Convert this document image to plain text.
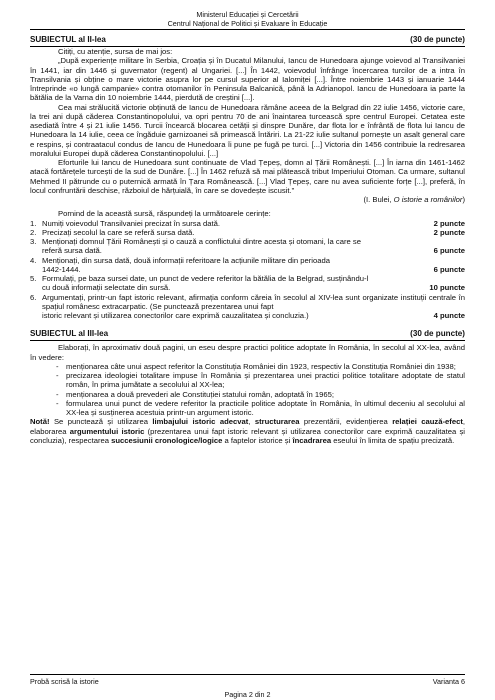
Ministerul Educației și Cercetării
Centrul Național de Politici și Evaluare în Educație
SUBIECTUL al II-lea	(30 de puncte)

Citiți, cu atenție, sursa de mai jos:

„După experiențe militare în Serbia, Croația și în Ducatul Milanului, Iancu de Hunedoara ajunge voievod al Transilvaniei în 1441, iar din 1446 și guvernator (regent) al Ungariei. [...] În 1442, voievodul înfrânge încercarea turcilor de a intra în Transilvania și obține o mare victorie asupra lor pe cursul superior al Ialomiței [...]. Între noiembrie 1443 și ianuarie 1444 întreprinde «o lungă campanie» contra otomanilor în Peninsula Balcanică, până la Adrianopol. Iancu de Hunedoara ia parte la bătălia de la Varna din 10 noiembrie 1444, pierdută de creștini [...].

Cea mai strălucită victorie obținută de Iancu de Hunedoara rămâne aceea de la Belgrad din 22 iulie 1456, victorie care, la trei ani după căderea Constantinopolului, va opri pentru 70 de ani înaintarea turcească spre centrul Europei. Cetatea este asediată între 4 și 21 iulie 1456. Turcii încearcă blocarea cetății și dinspre Dunăre, dar flota lor e înfrântă de flota lui Iancu de Hunedoara la 14 iulie, ceea ce îngăduie garnizoanei să primească întăriri. La 21-22 iulie sultanul pornește un asalt general care e respins, și contraatacul condus de Iancu de Hunedoara îi pune pe fugă pe turci. [...] Victoria din 1456 contribuie la redresarea moralului Europei după căderea Constantinopolului. [...]

Eforturile lui Iancu de Hunedoara sunt continuate de Vlad Țepeș, domn al Țării Românești. [...] În iarna din 1461-1462 atacă fortărețele turcești de la sud de Dunăre. [...] În 1462 refuză să mai plătească tribut Imperiului Otoman. Ca urmare, sultanul Mehmed II pătrunde cu o puternică armată în Țara Românească. [...] Vlad Țepeș, care nu avea suficiente forțe [...], preferă, în locul confruntării deschise, războiul de hărțuială, în care se dovedește iscusit.”

(I. Bulei, O istorie a românilor)

Pornind de la această sursă, răspundeți la următoarele cerințe:

1. Numiți voievodul Transilvaniei precizat în sursa dată.	2 puncte
2. Precizați secolul la care se referă sursa dată.	2 puncte
3. Menționați domnul Țării Românești și o cauză a conflictului dintre acesta și otomani, la care se
referă sursa dată.	6 puncte
4. Menționați, din sursa dată, două informații referitoare la acțiunile militare din perioada
1442-1444.	6 puncte
5. Formulați, pe baza sursei date, un punct de vedere referitor la bătălia de la Belgrad, susținându-l
cu două informații selectate din sursă.	10 puncte
6. Argumentați, printr-un fapt istoric relevant, afirmația conform căreia în secolul al XIV-lea sunt organizate instituții centrale în spațiul românesc extracarpatic. (Se punctează prezentarea unui fapt
istoric relevant și utilizarea conectorilor care exprimă cauzalitatea și concluzia.)	4 puncte
SUBIECTUL al III-lea	(30 de puncte)

Elaborați, în aproximativ două pagini, un eseu despre practici politice adoptate în România, în secolul al XX-lea, având în vedere:

- menționarea câte unui aspect referitor la Constituția României din 1923, respectiv la Constituția României din 1938;
- precizarea ideologiei totalitare impuse în România și prezentarea unei practici politice totalitare adoptate de statul român, în prima jumătate a secolului al XX-lea;
- menționarea a două prevederi ale Constituției statului român, adoptată în 1965;
- formularea unui punct de vedere referitor la practicile politice adoptate în România, în ultimul deceniu al secolului al XX-lea și susținerea acestuia printr-un argument istoric.

Notă! Se punctează și utilizarea limbajului istoric adecvat, structurarea prezentării, evidențierea relației cauză-efect, elaborarea argumentului istoric (prezentarea unui fapt istoric relevant și utilizarea conectorilor care exprimă cauzalitatea și concluzia), respectarea succesiunii cronologice/logice a faptelor istorice și încadrarea eseului în limita de spațiu precizată.

Probă scrisă la istorie	Varianta 6
Pagina 2 din 2
